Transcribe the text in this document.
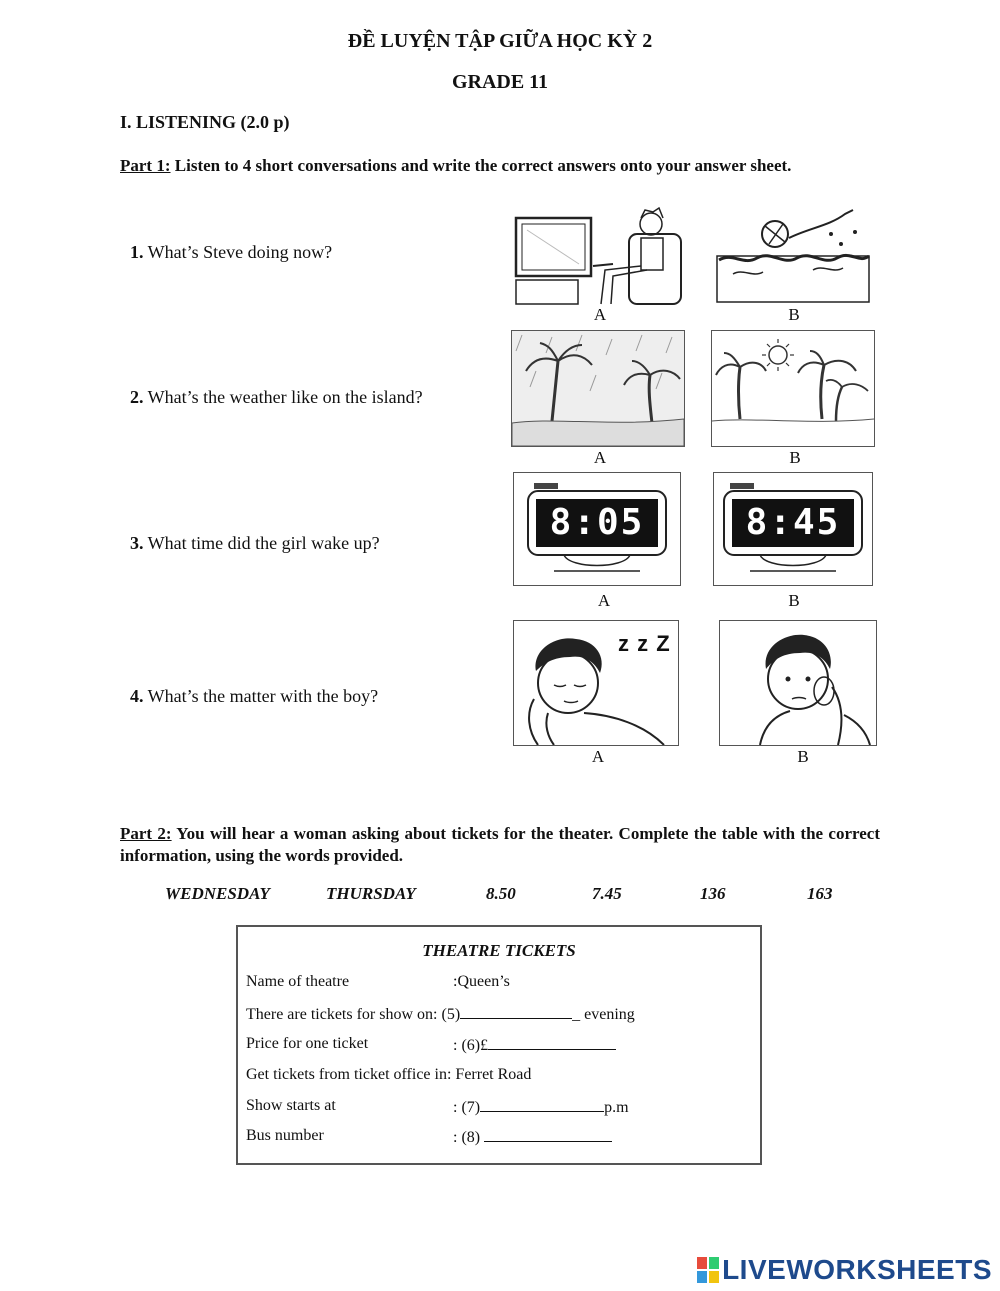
ĐỀ LUYỆN TẬP GIỮA HỌC KỲ 2
GRADE 11
I. LISTENING (2.0 p)
Part 1: Listen to 4 short conversations and write the correct answers onto your answer sheet.
1. What’s Steve doing now?
A	B
2. What’s the weather like on the island?
A	B
3. What time did the girl wake up?	8:05	8:45
A	B
4. What’s the matter with the boy?
z z Z
A	B
Part 2: You will hear a woman asking about tickets for the theater. Complete the table with the correct information, using the words provided.
WEDNESDAY	THURSDAY	8.50	7.45	136	163
THEATRE TICKETS
Name of theatre	:Queen’s
There are tickets for show on: (5)	_ evening
Price for one ticket	: (6)£
Get tickets from ticket office in: Ferret Road
Show starts at	: (7)	p.m
Bus number	: (8)
LIVEWORKSHEETS
